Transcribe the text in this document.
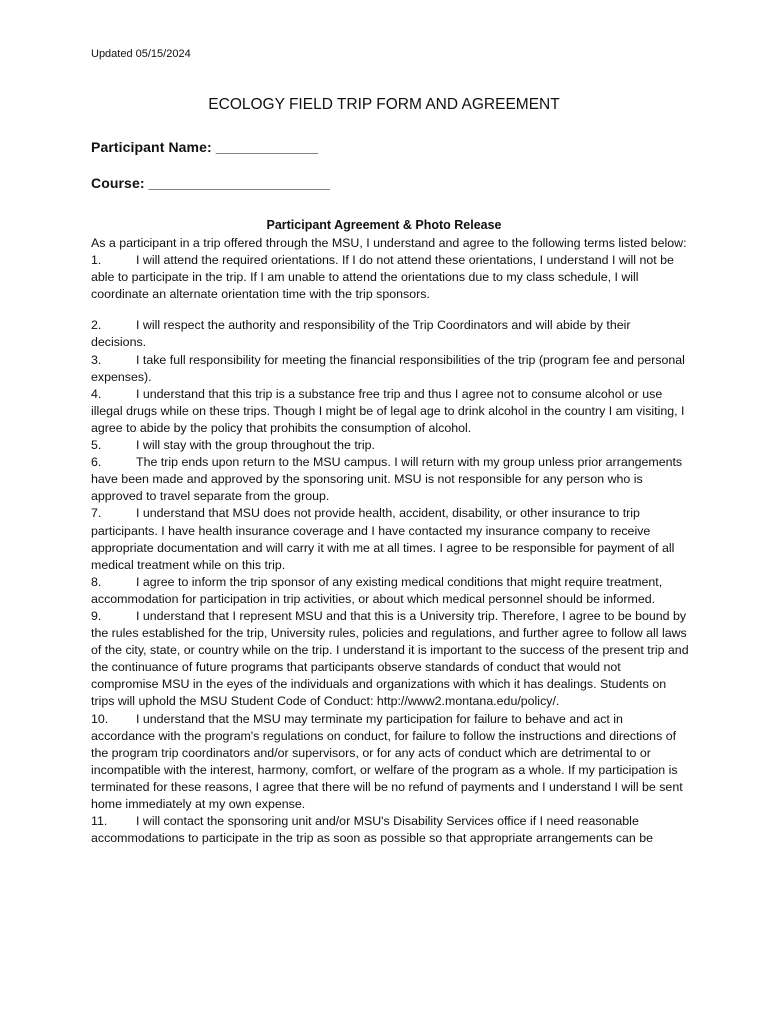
Updated 05/15/2024
ECOLOGY FIELD TRIP FORM AND AGREEMENT
Participant Name: _____________
Course: _______________________
Participant Agreement & Photo Release

As a participant in a trip offered through the MSU, I understand and agree to the following terms listed below:

1.	I will attend the required orientations. If I do not attend these orientations, I understand I will not be able to participate in the trip. If I am unable to attend the orientations due to my class schedule, I will coordinate an alternate orientation time with the trip sponsors.
2.	I will respect the authority and responsibility of the Trip Coordinators and will abide by their decisions.
3.	I take full responsibility for meeting the financial responsibilities of the trip (program fee and personal expenses).
4.	I understand that this trip is a substance free trip and thus I agree not to consume alcohol or use illegal drugs while on these trips. Though I might be of legal age to drink alcohol in the country I am visiting, I agree to abide by the policy that prohibits the consumption of alcohol.
5.	I will stay with the group throughout the trip.
6.	The trip ends upon return to the MSU campus. I will return with my group unless prior arrangements have been made and approved by the sponsoring unit. MSU is not responsible for any person who is approved to travel separate from the group.
7.	I understand that MSU does not provide health, accident, disability, or other insurance to trip participants. I have health insurance coverage and I have contacted my insurance company to receive appropriate documentation and will carry it with me at all times. I agree to be responsible for payment of all medical treatment while on this trip.
8.	I agree to inform the trip sponsor of any existing medical conditions that might require treatment, accommodation for participation in trip activities, or about which medical personnel should be informed.
9.	I understand that I represent MSU and that this is a University trip. Therefore, I agree to be bound by the rules established for the trip, University rules, policies and regulations, and further agree to follow all laws of the city, state, or country while on the trip. I understand it is important to the success of the present trip and the continuance of future programs that participants observe standards of conduct that would not compromise MSU in the eyes of the individuals and organizations with which it has dealings. Students on trips will uphold the MSU Student Code of Conduct: http://www2.montana.edu/policy/.
10. I understand that the MSU may terminate my participation for failure to behave and act in accordance with the program's regulations on conduct, for failure to follow the instructions and directions of the program trip coordinators and/or supervisors, or for any acts of conduct which are detrimental to or incompatible with the interest, harmony, comfort, or welfare of the program as a whole. If my participation is terminated for these reasons, I agree that there will be no refund of payments and I understand I will be sent home immediately at my own expense.
11. I will contact the sponsoring unit and/or MSU's Disability Services office if I need reasonable accommodations to participate in the trip as soon as possible so that appropriate arrangements can be
